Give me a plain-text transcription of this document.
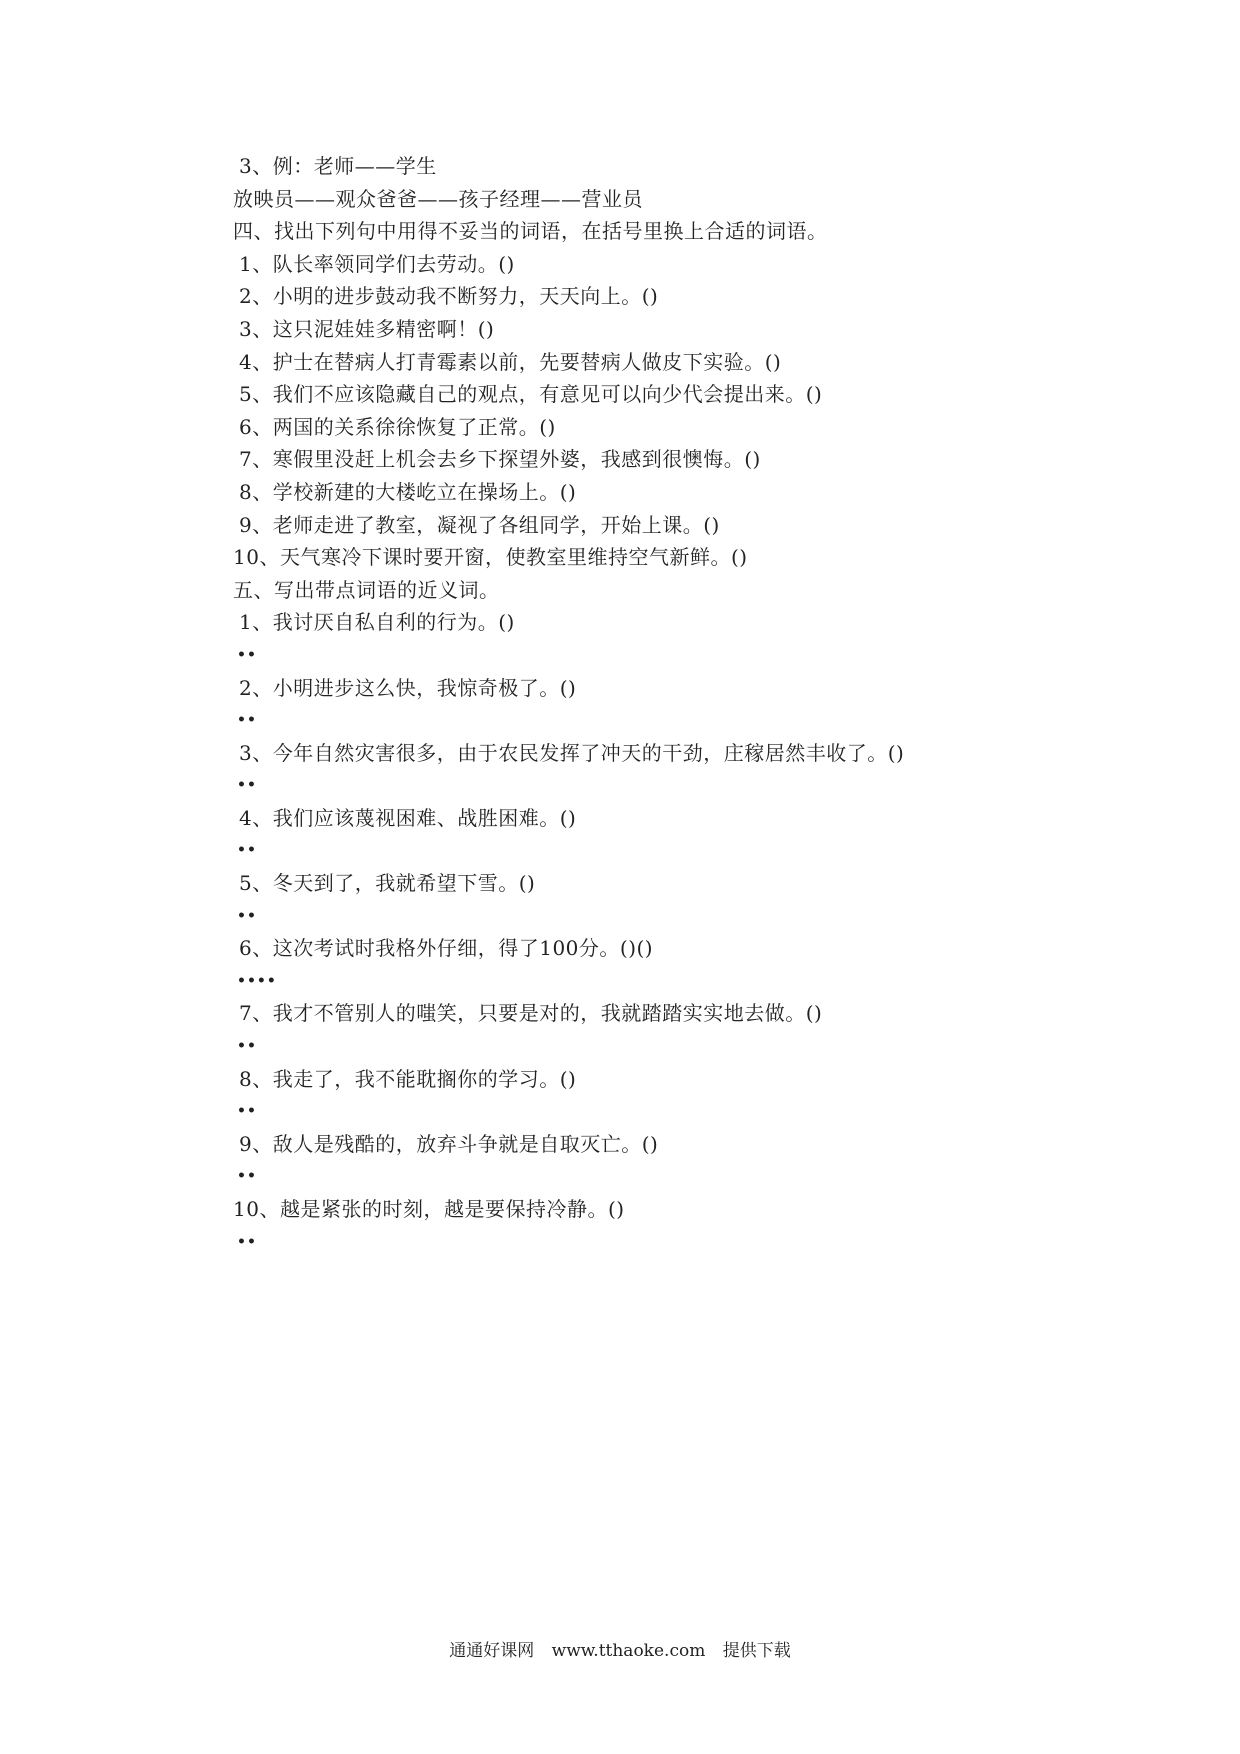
3、例：老师——学生
放映员——观众爸爸——孩子经理——营业员
四、找出下列句中用得不妥当的词语，在括号里换上合适的词语。
1、队长率领同学们去劳动。()
2、小明的进步鼓动我不断努力，天天向上。()
3、这只泥娃娃多精密啊！()
4、护士在替病人打青霉素以前，先要替病人做皮下实验。()
5、我们不应该隐藏自己的观点，有意见可以向少代会提出来。()
6、两国的关系徐徐恢复了正常。()
7、寒假里没赶上机会去乡下探望外婆，我感到很懊悔。()
8、学校新建的大楼屹立在操场上。()
9、老师走进了教室，凝视了各组同学，开始上课。()
10、天气寒冷下课时要开窗，使教室里维持空气新鲜。()
五、写出带点词语的近义词。
1、我讨厌自私自利的行为。()
••
2、小明进步这么快，我惊奇极了。()
••
3、今年自然灾害很多，由于农民发挥了冲天的干劲，庄稼居然丰收了。()
••
4、我们应该蔑视困难、战胜困难。()
••
5、冬天到了，我就希望下雪。()
••
6、这次考试时我格外仔细，得了100分。()()
••••
7、我才不管别人的嗤笑，只要是对的，我就踏踏实实地去做。()
••
8、我走了，我不能耽搁你的学习。()
••
9、敌人是残酷的，放弃斗争就是自取灭亡。()
••
10、越是紧张的时刻，越是要保持冷静。()
••
通通好课网 www.tthaoke.com 提供下载
